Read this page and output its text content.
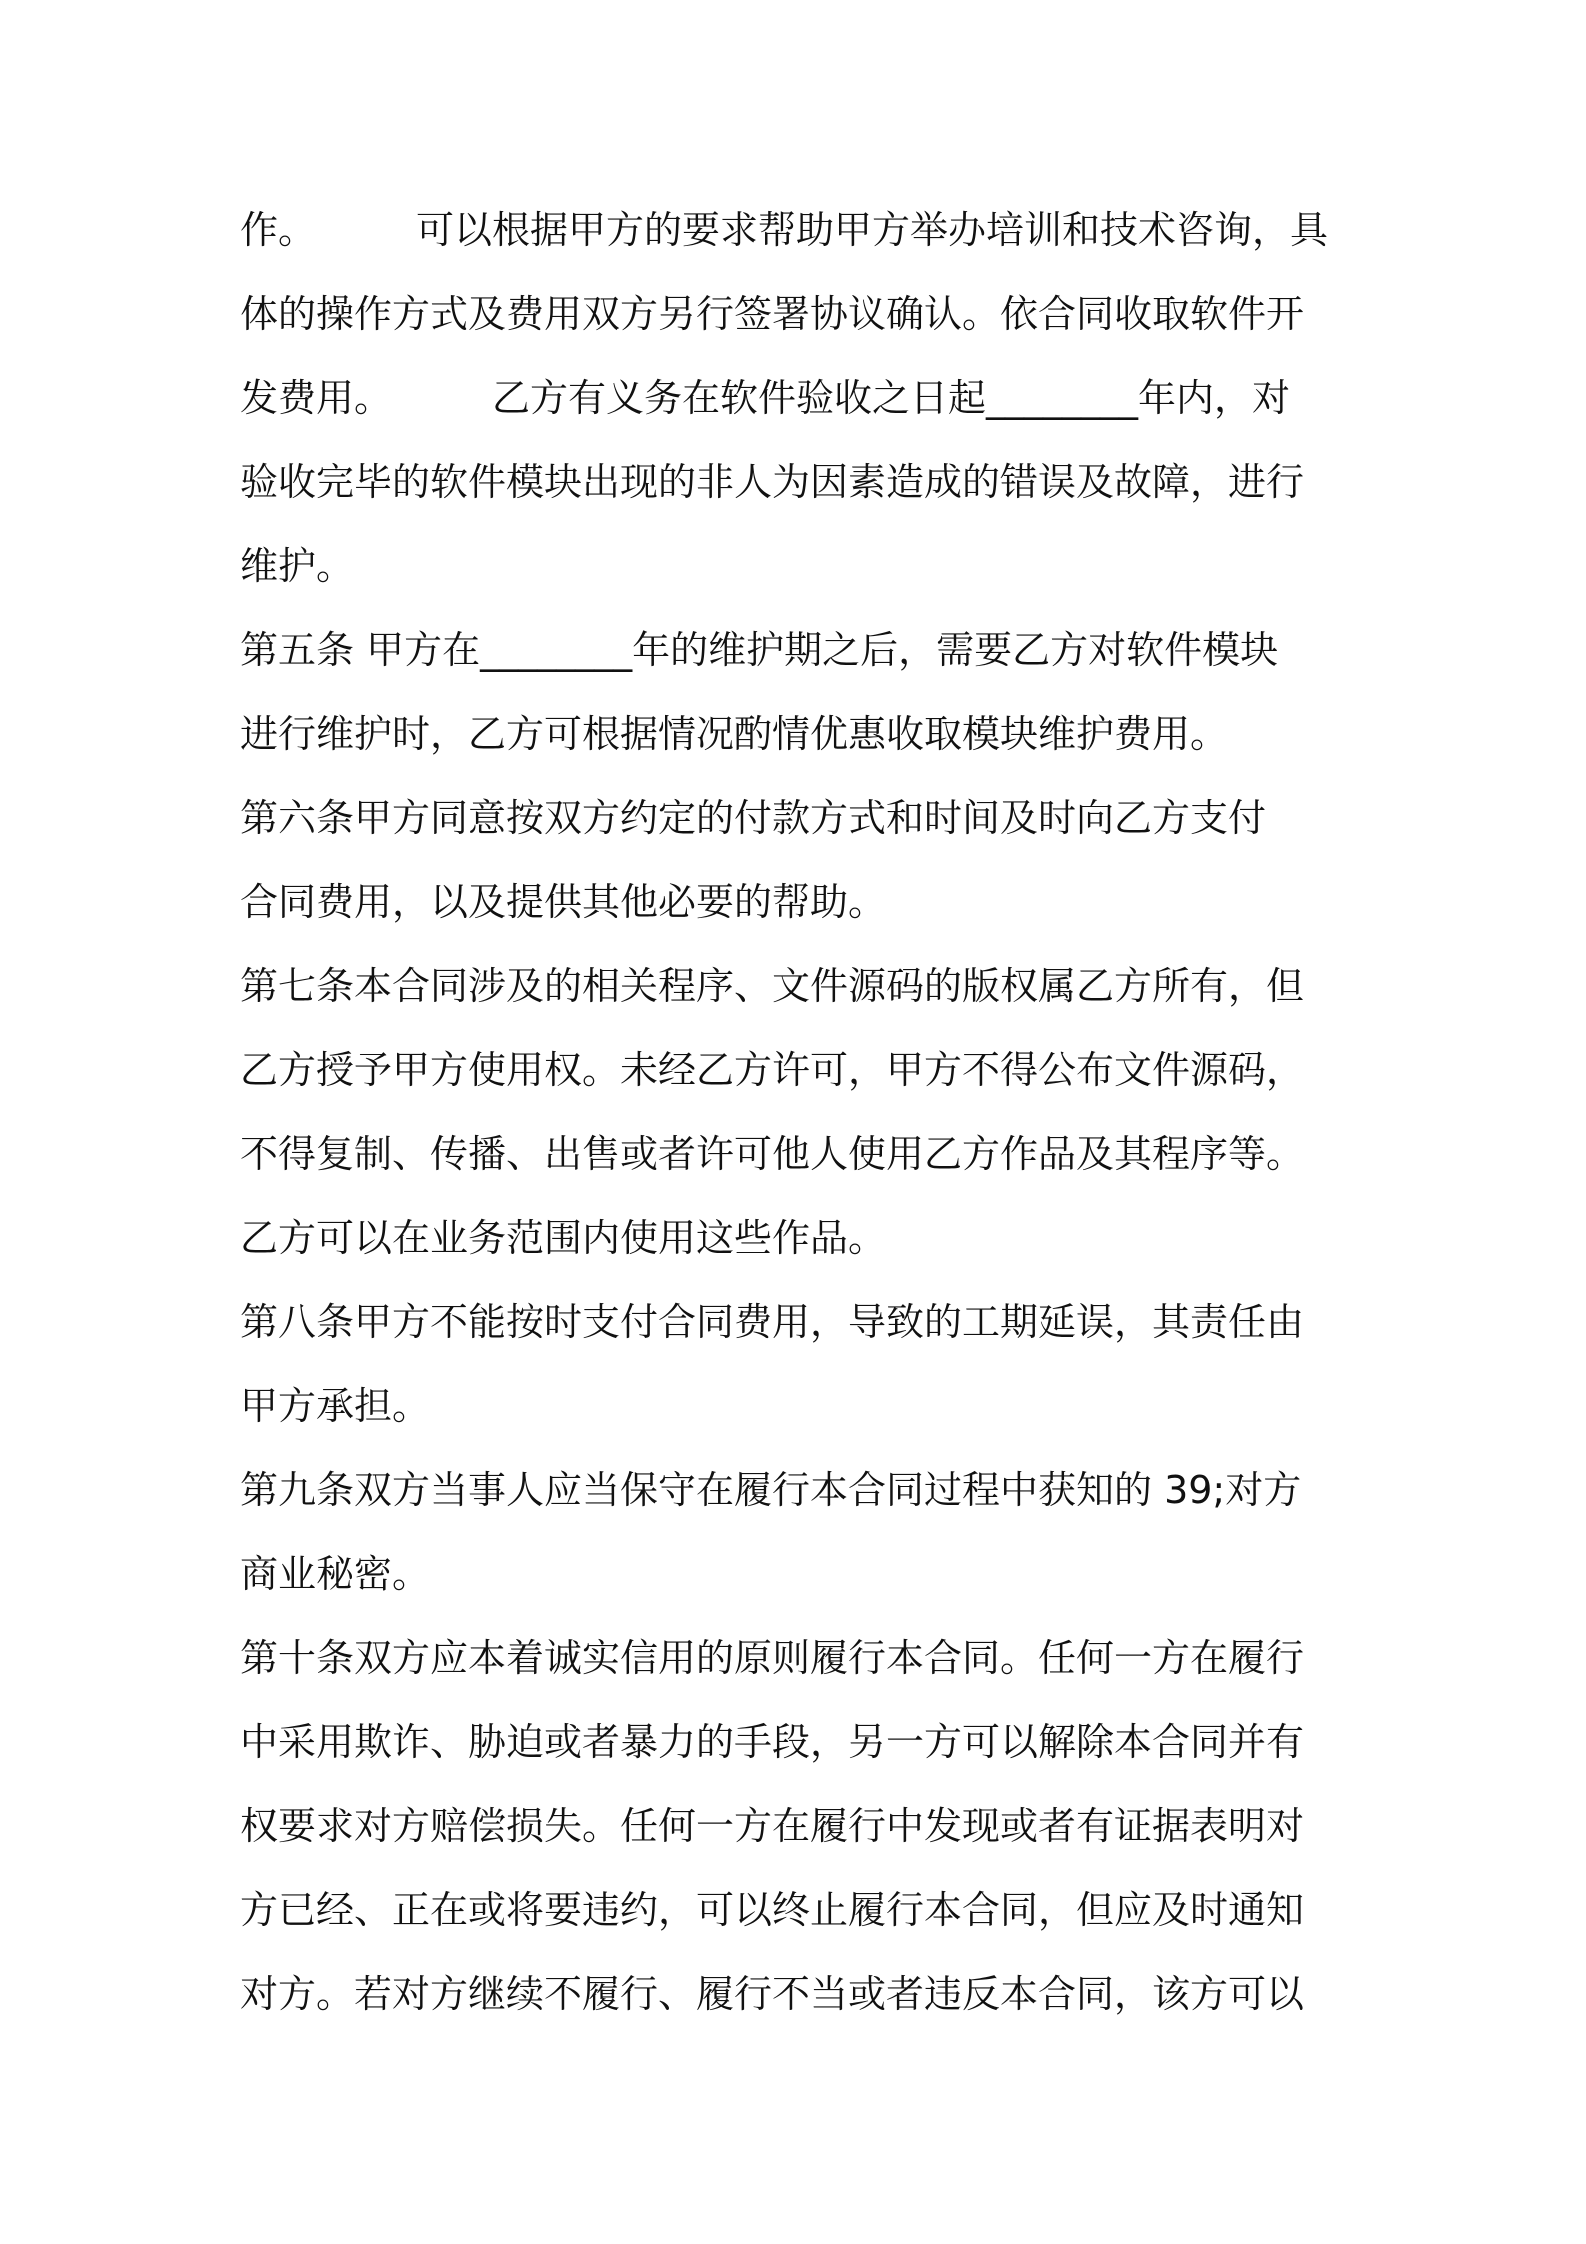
作。	可以根据甲方的要求帮助甲方举办培训和技术咨询，具
体的操作方式及费用双方另行签署协议确认。依合同收取软件开
发费用。	乙方有义务在软件验收之日起________年内，对
验收完毕的软件模块出现的非人为因素造成的错误及故障，进行
维护。
第五条 甲方在________年的维护期之后，需要乙方对软件模块
进行维护时，乙方可根据情况酌情优惠收取模块维护费用。
第六条甲方同意按双方约定的付款方式和时间及时向乙方支付
合同费用，以及提供其他必要的帮助。
第七条本合同涉及的相关程序、文件源码的版权属乙方所有，但
乙方授予甲方使用权。未经乙方许可，甲方不得公布文件源码，
不得复制、传播、出售或者许可他人使用乙方作品及其程序等。
乙方可以在业务范围内使用这些作品。
第八条甲方不能按时支付合同费用，导致的工期延误，其责任由
甲方承担。
第九条双方当事人应当保守在履行本合同过程中获知的 39;对方
商业秘密。
第十条双方应本着诚实信用的原则履行本合同。任何一方在履行
中采用欺诈、胁迫或者暴力的手段，另一方可以解除本合同并有
权要求对方赔偿损失。任何一方在履行中发现或者有证据表明对
方已经、正在或将要违约，可以终止履行本合同，但应及时通知
对方。若对方继续不履行、履行不当或者违反本合同，该方可以
